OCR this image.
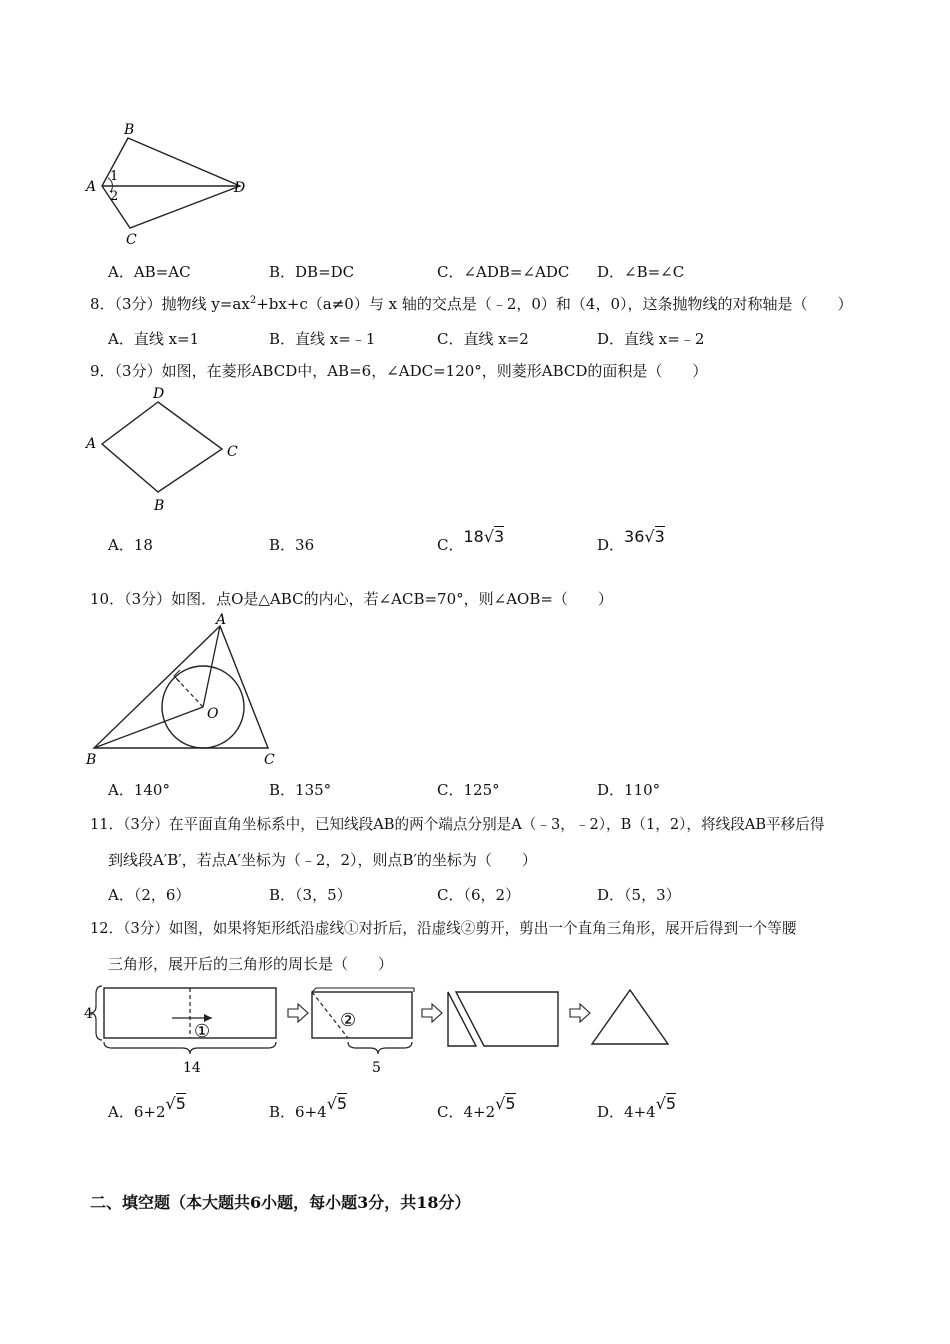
B
A
1
2
D
C
A．AB=AC	B．DB=DC	C．∠ADB=∠ADC D．∠B=∠C
8．（3分）抛物线 $y=ax^2+bx+c(a\ne 0)$与 x 轴的交点是（﹣2，0）和（4，0），这条抛物线的对称轴是（　　）
A．直线 x=1	B．直线 x=﹣1	C．直线 x=2	D．直线 x=﹣2
9．（3分）如图，在菱形ABCD中，AB=6，∠ADC=120°，则菱形ABCD的面积是（　　）
D
A	C
B
A．18	B．36	C．18√3	D．36√3
10．（3分）如图．点O是△ABC的内心，若∠ACB=70°，则∠AOB=（　　）
A
O
B	C
A．140°	B．135°	C．125°	D．110°
11．（3分）在平面直角坐标系中，已知线段AB的两个端点分别是A（﹣3，﹣2），B（1，2），将线段AB平移后得
到线段A′B′，若点A′坐标为（﹣2，2），则点B′的坐标为（　　）
A．（2，6）	B．（3，5）	C．（6，2）	D．（5，3）
12．（3分）如图，如果将矩形纸沿虚线①对折后，沿虚线②剪开，剪出一个直角三角形，展开后得到一个等腰
三角形，展开后的三角形的周长是（　　）
①
4
14
②
5
A．6+2√5	B．6+4√5	C．4+2√5	D．4+4√5
二、填空题（本大题共6小题，每小题3分，共18分）
